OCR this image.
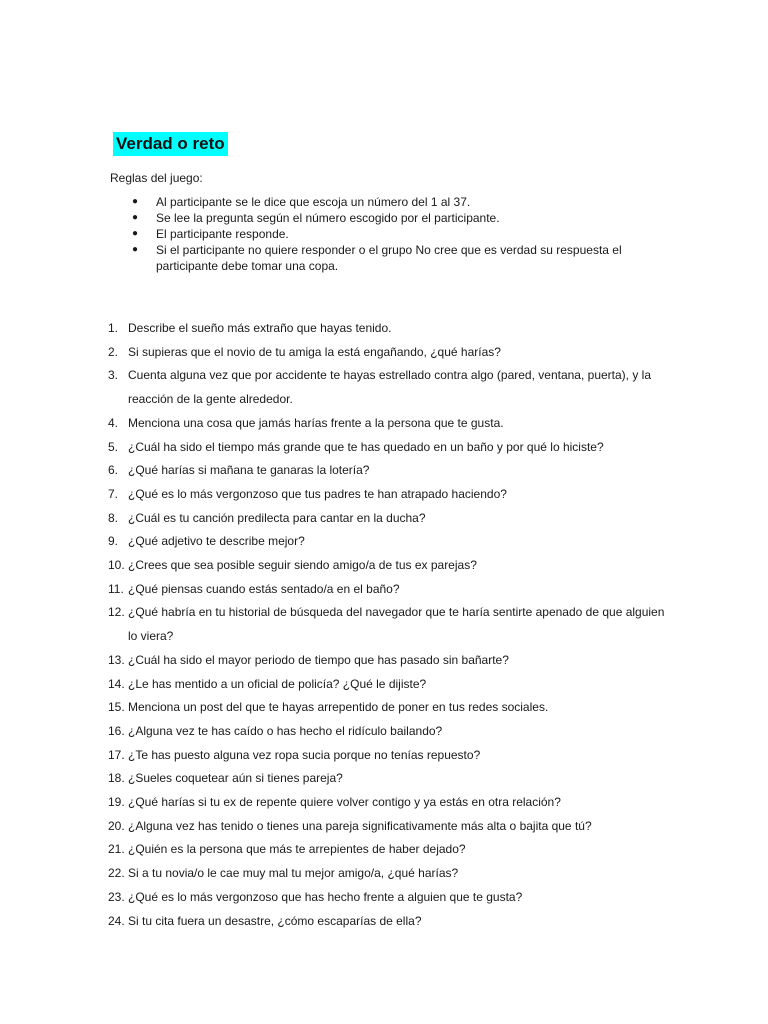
Verdad o reto

Reglas del juego:

● Al participante se le dice que escoja un número del 1 al 37.
● Se lee la pregunta según el número escogido por el participante.
● El participante responde.
● Si el participante no quiere responder o el grupo No cree que es verdad su respuesta el participante debe tomar una copa.
1. Describe el sueño más extraño que hayas tenido.
2. Si supieras que el novio de tu amiga la está engañando, ¿qué harías?
3. Cuenta alguna vez que por accidente te hayas estrellado contra algo (pared, ventana, puerta), y la reacción de la gente alrededor.
4. Menciona una cosa que jamás harías frente a la persona que te gusta.
5. ¿Cuál ha sido el tiempo más grande que te has quedado en un baño y por qué lo hiciste?
6. ¿Qué harías si mañana te ganaras la lotería?
7. ¿Qué es lo más vergonzoso que tus padres te han atrapado haciendo?
8. ¿Cuál es tu canción predilecta para cantar en la ducha?
9. ¿Qué adjetivo te describe mejor?
10. ¿Crees que sea posible seguir siendo amigo/a de tus ex parejas?
11. ¿Qué piensas cuando estás sentado/a en el baño?
12. ¿Qué habría en tu historial de búsqueda del navegador que te haría sentirte apenado de que alguien lo viera?
13. ¿Cuál ha sido el mayor periodo de tiempo que has pasado sin bañarte?
14. ¿Le has mentido a un oficial de policía? ¿Qué le dijiste?
15. Menciona un post del que te hayas arrepentido de poner en tus redes sociales.
16. ¿Alguna vez te has caído o has hecho el ridículo bailando?
17. ¿Te has puesto alguna vez ropa sucia porque no tenías repuesto?
18. ¿Sueles coquetear aún si tienes pareja?
19. ¿Qué harías si tu ex de repente quiere volver contigo y ya estás en otra relación?
20. ¿Alguna vez has tenido o tienes una pareja significativamente más alta o bajita que tú?
21. ¿Quién es la persona que más te arrepientes de haber dejado?
22. Si a tu novia/o le cae muy mal tu mejor amigo/a, ¿qué harías?
23. ¿Qué es lo más vergonzoso que has hecho frente a alguien que te gusta?
24. Si tu cita fuera un desastre, ¿cómo escaparías de ella?
